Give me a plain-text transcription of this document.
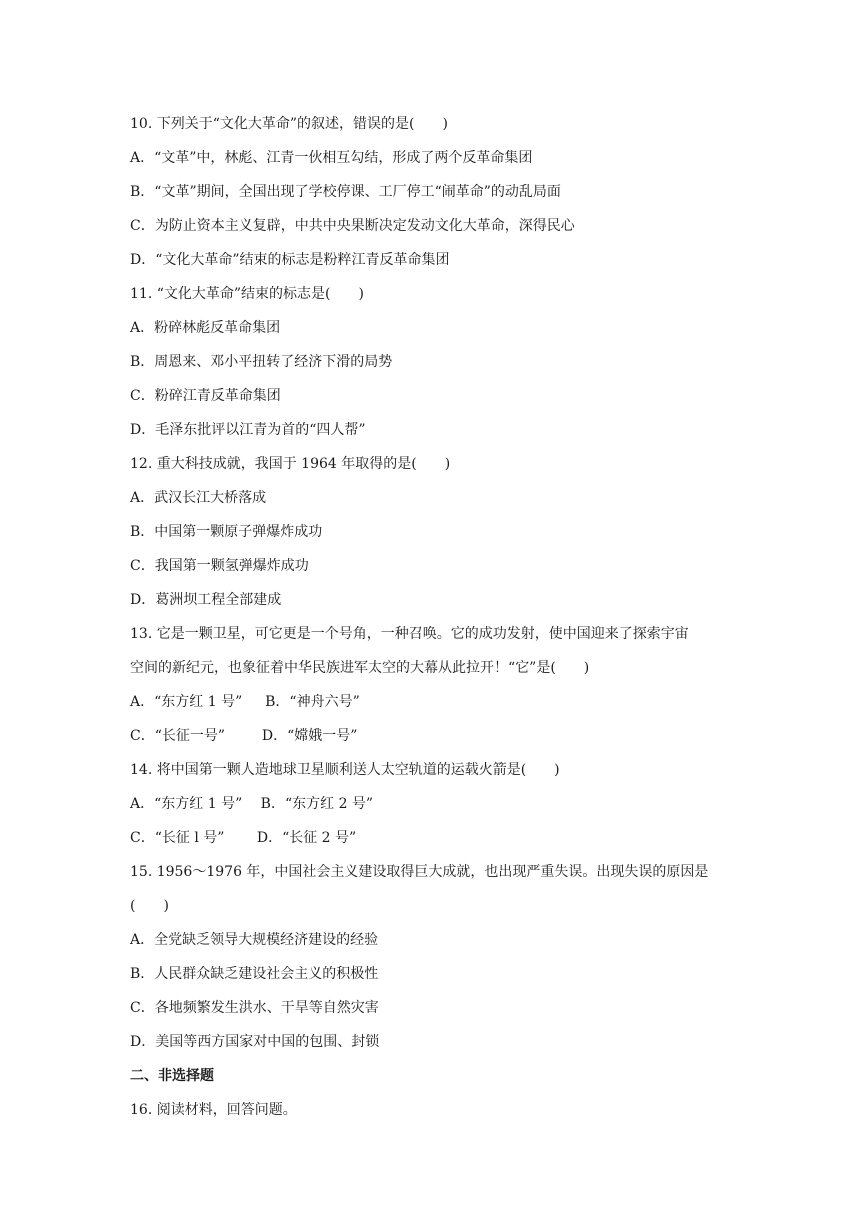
10. 下列关于“文化大革命”的叙述，错误的是(　　)
A．“文革”中，林彪、江青一伙相互勾结，形成了两个反革命集团
B．“文革”期间，全国出现了学校停课、工厂停工“闹革命”的动乱局面
C．为防止资本主义复辟，中共中央果断决定发动文化大革命，深得民心
D．“文化大革命”结束的标志是粉粹江青反革命集团
11. “文化大革命”结束的标志是(　　)
A．粉碎林彪反革命集团
B．周恩来、邓小平扭转了经济下滑的局势
C．粉碎江青反革命集团
D．毛泽东批评以江青为首的“四人帮”
12. 重大科技成就，我国于 1964 年取得的是(　　)
A．武汉长江大桥落成
B．中国第一颗原子弹爆炸成功
C．我国第一颗氢弹爆炸成功
D．葛洲坝工程全部建成
13. 它是一颗卫星，可它更是一个号角，一种召唤。它的成功发射，使中国迎来了探索宇宙
空间的新纪元，也象征着中华民族进军太空的大幕从此拉开！“它”是(　　)
A．“东方红 1 号”　  B．“神舟六号”
C．“长征一号”　　  D．“嫦娥一号”
14. 将中国第一颗人造地球卫星顺利送人太空轨道的运载火箭是(　　)
A．“东方红 1 号”　 B．“东方红 2 号”
C．“长征 l 号”　　 D．“长征 2 号”
15. 1956～1976 年，中国社会主义建设取得巨大成就，也出现严重失误。出现失误的原因是
(　　)
A．全党缺乏领导大规模经济建设的经验
B．人民群众缺乏建设社会主义的积极性
C．各地频繁发生洪水、干旱等自然灾害
D．美国等西方国家对中国的包围、封锁
二、非选择题
16. 阅读材料，回答问题。
